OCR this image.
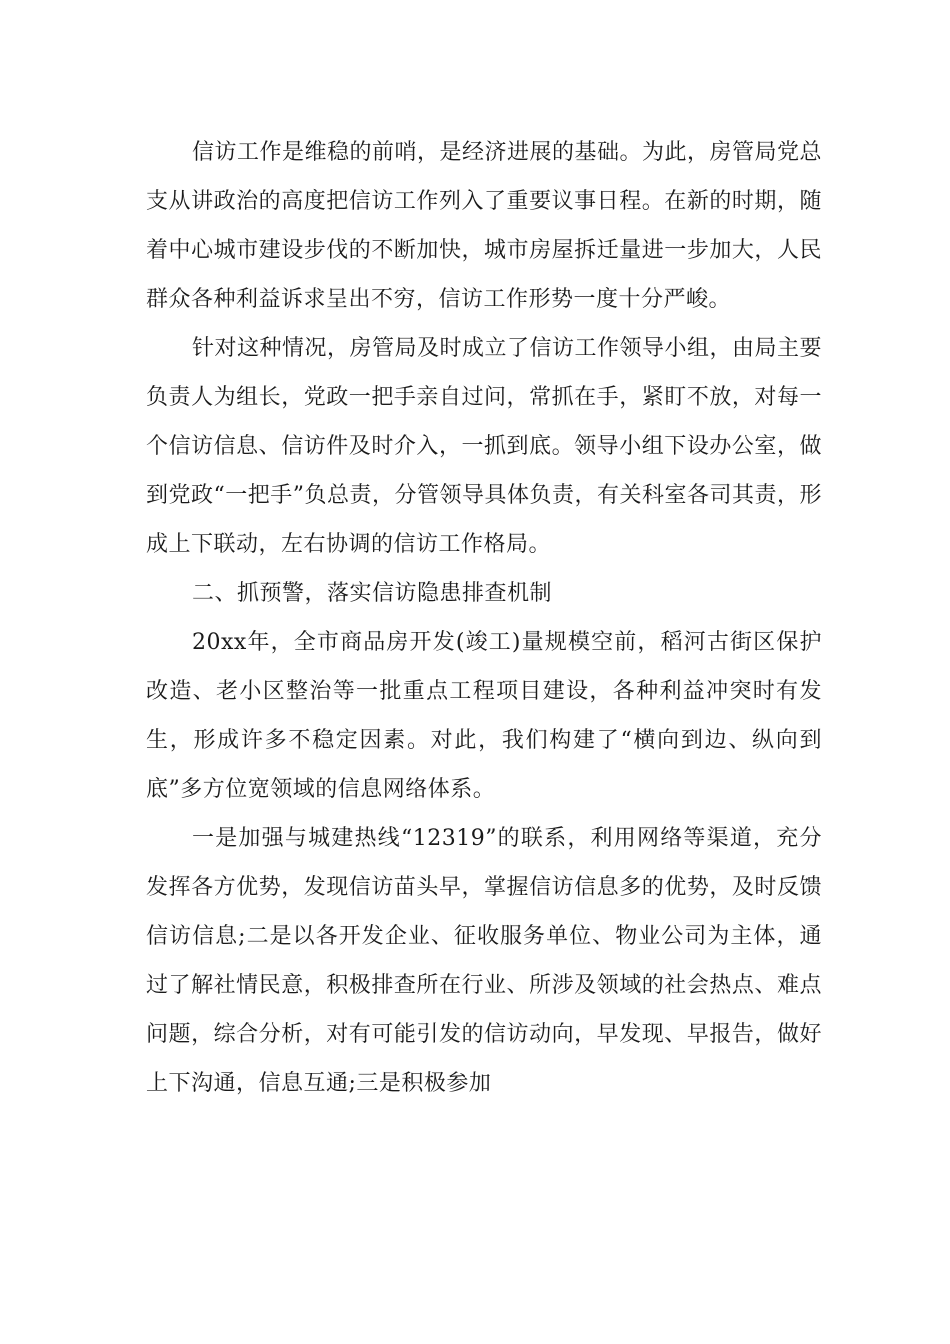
信访工作是维稳的前哨，是经济进展的基础。为此，房管局党总支从讲政治的高度把信访工作列入了重要议事日程。在新的时期，随着中心城市建设步伐的不断加快，城市房屋拆迁量进一步加大，人民群众各种利益诉求呈出不穷，信访工作形势一度十分严峻。

针对这种情况，房管局及时成立了信访工作领导小组，由局主要负责人为组长，党政一把手亲自过问，常抓在手，紧盯不放，对每一个信访信息、信访件及时介入，一抓到底。领导小组下设办公室，做到党政“一把手”负总责，分管领导具体负责，有关科室各司其责，形成上下联动，左右协调的信访工作格局。

二、抓预警，落实信访隐患排查机制

20xx年，全市商品房开发(竣工)量规模空前，稻河古街区保护改造、老小区整治等一批重点工程项目建设，各种利益冲突时有发生，形成许多不稳定因素。对此，我们构建了“横向到边、纵向到底”多方位宽领域的信息网络体系。

一是加强与城建热线“12319”的联系，利用网络等渠道，充分发挥各方优势，发现信访苗头早，掌握信访信息多的优势，及时反馈信访信息;二是以各开发企业、征收服务单位、物业公司为主体，通过了解社情民意，积极排查所在行业、所涉及领域的社会热点、难点问题，综合分析，对有可能引发的信访动向，早发现、早报告，做好上下沟通，信息互通;三是积极参加
